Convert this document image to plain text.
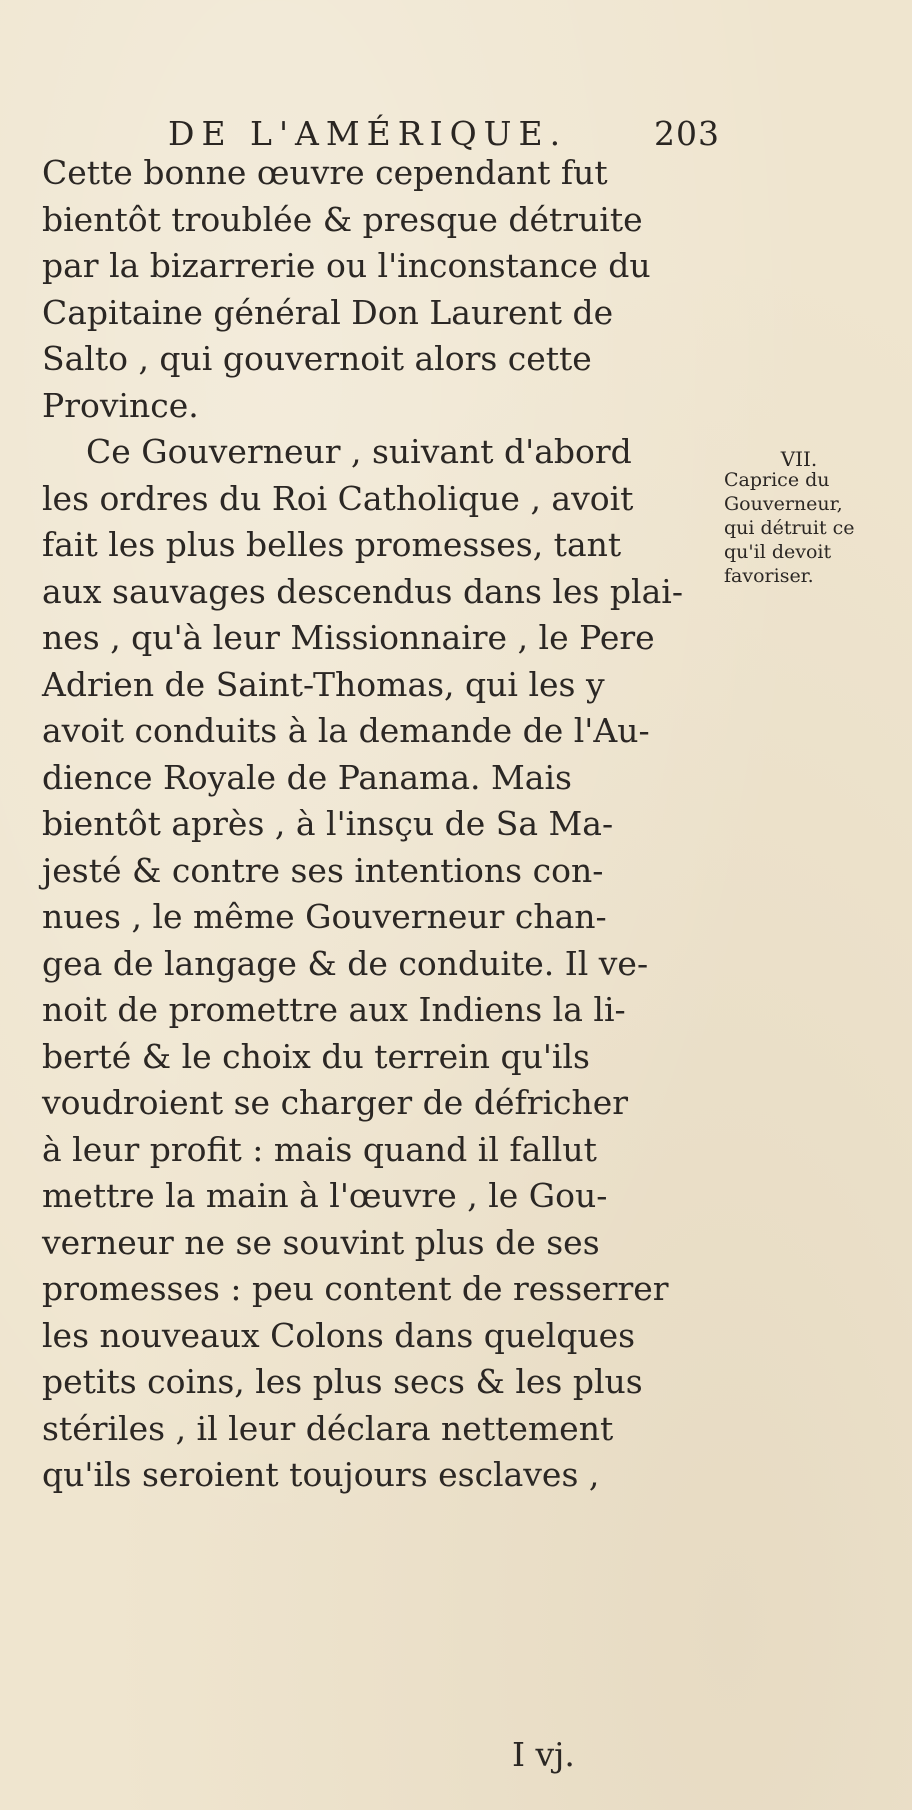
DE L'AMÉRIQUE.	203
Cette bonne œuvre cependant fut
bientôt troublée & presque détruite
par la bizarrerie ou l'inconstance du
Capitaine général Don Laurent de
Salto , qui gouvernoit alors cette
Province.
Ce Gouverneur , suivant d'abord
les ordres du Roi Catholique , avoit
fait les plus belles promesses, tant
aux sauvages descendus dans les plai-
nes , qu'à leur Missionnaire , le Pere
Adrien de Saint-Thomas, qui les y
avoit conduits à la demande de l'Au-
dience Royale de Panama. Mais
bientôt après , à l'insçu de Sa Ma-
jesté & contre ses intentions con-
nues , le même Gouverneur chan-
gea de langage & de conduite. Il ve-
noit de promettre aux Indiens la li-
berté & le choix du terrein qu'ils
voudroient se charger de défricher
à leur profit : mais quand il fallut
mettre la main à l'œuvre , le Gou-
verneur ne se souvint plus de ses
promesses : peu content de resserrer
les nouveaux Colons dans quelques
petits coins, les plus secs & les plus
stériles , il leur déclara nettement
qu'ils seroient toujours esclaves ,
VII.
Caprice du
Gouverneur,
qui détruit ce
qu'il devoit
favoriser.
I vj.
